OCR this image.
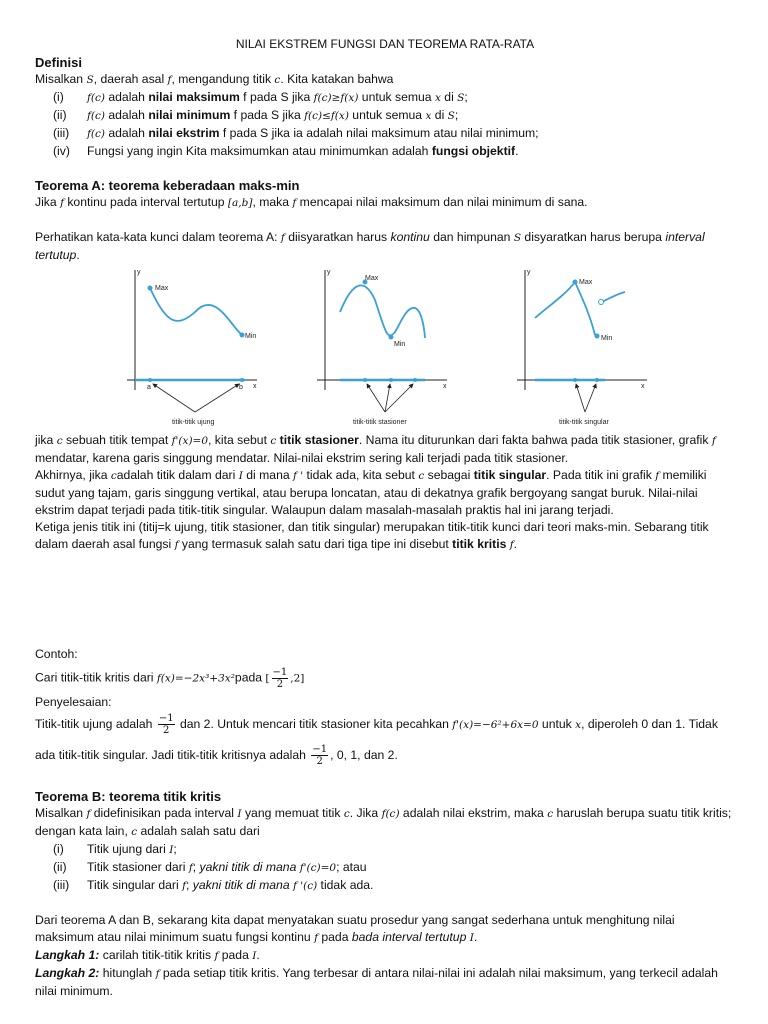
NILAI EKSTREM FUNGSI DAN TEOREMA RATA-RATA
Definisi

Misalkan S, daerah asal f, mengandung titik c. Kita katakan bahwa

(i) f(c) adalah nilai maksimum f pada S jika f(c)≥f(x) untuk semua x di S;
(ii) f(c) adalah nilai minimum f pada S jika f(c)≤f(x) untuk semua x di S;
(iii) f(c) adalah nilai ekstrim f pada S jika ia adalah nilai maksimum atau nilai minimum;
(iv) Fungsi yang ingin Kita maksimumkan atau minimumkan adalah fungsi objektif.
Teorema A: teorema keberadaan maks-min

Jika f kontinu pada interval tertutup [a,b], maka f mencapai nilai maksimum dan nilai minimum di sana.

Perhatikan kata-kata kunci dalam teorema A: f diisyaratkan harus kontinu dan himpunan S disyaratkan harus berupa interval tertutup.

Max
Min
y
x
a	b
titik-titik ujung
Max
Min
y
x
titik-titik stasioner
Max
Min
y
x
titik-titik singular

jika c sebuah titik tempat f'(x)=0, kita sebut c titik stasioner. Nama itu diturunkan dari fakta bahwa pada titik stasioner, grafik f mendatar, karena garis singgung mendatar. Nilai-nilai ekstrim sering kali terjadi pada titik stasioner.

Akhirnya, jika cadalah titik dalam dari I di mana f ' tidak ada, kita sebut c sebagai titik singular. Pada titik ini grafik f memiliki sudut yang tajam, garis singgung vertikal, atau berupa loncatan, atau di dekatnya grafik bergoyang sangat buruk. Nilai-nilai ekstrim dapat terjadi pada titik-titik singular. Walaupun dalam masalah-masalah praktis hal ini jarang terjadi.

Ketiga jenis titik ini (titij=k ujung, titik stasioner, dan titik singular) merupakan titik-titik kunci dari teori maks-min. Sebarang titik dalam daerah asal fungsi f yang termasuk salah satu dari tiga tipe ini disebut titik kritis f.

Contoh:

Cari titik-titik kritis dari f(x)=−2x³+3x²pada [ $\frac{-1}{2} ,2$]

Penyelesaian:

Titik-titik ujung adalah $\frac{-1}{2}$ dan 2. Untuk mencari titik stasioner kita pecahkan f'(x)=−6²+6x=0 untuk x, diperoleh 0 dan 1. Tidak ada titik-titik singular. Jadi titik-titik kritisnya adalah $\frac{-1}{2}$ , 0, 1, dan 2.

Teorema B: teorema titik kritis

Misalkan f didefinisikan pada interval I yang memuat titik c. Jika f(c) adalah nilai ekstrim, maka c haruslah berupa suatu titik kritis; dengan kata lain, c adalah salah satu dari

(i) Titik ujung dari I;
(ii) Titik stasioner dari f; yakni titik di mana f'(c)=0; atau
(iii) Titik singular dari f; yakni titik di mana f '(c) tidak ada.

Dari teorema A dan B, sekarang kita dapat menyatakan suatu prosedur yang sangat sederhana untuk menghitung nilai maksimum atau nilai minimum suatu fungsi kontinu f pada bada interval tertutup I.

Langkah 1: carilah titik-titik kritis f pada I.

Langkah 2: hitunglah f pada setiap titik kritis. Yang terbesar di antara nilai-nilai ini adalah nilai maksimum, yang terkecil adalah nilai minimum.
